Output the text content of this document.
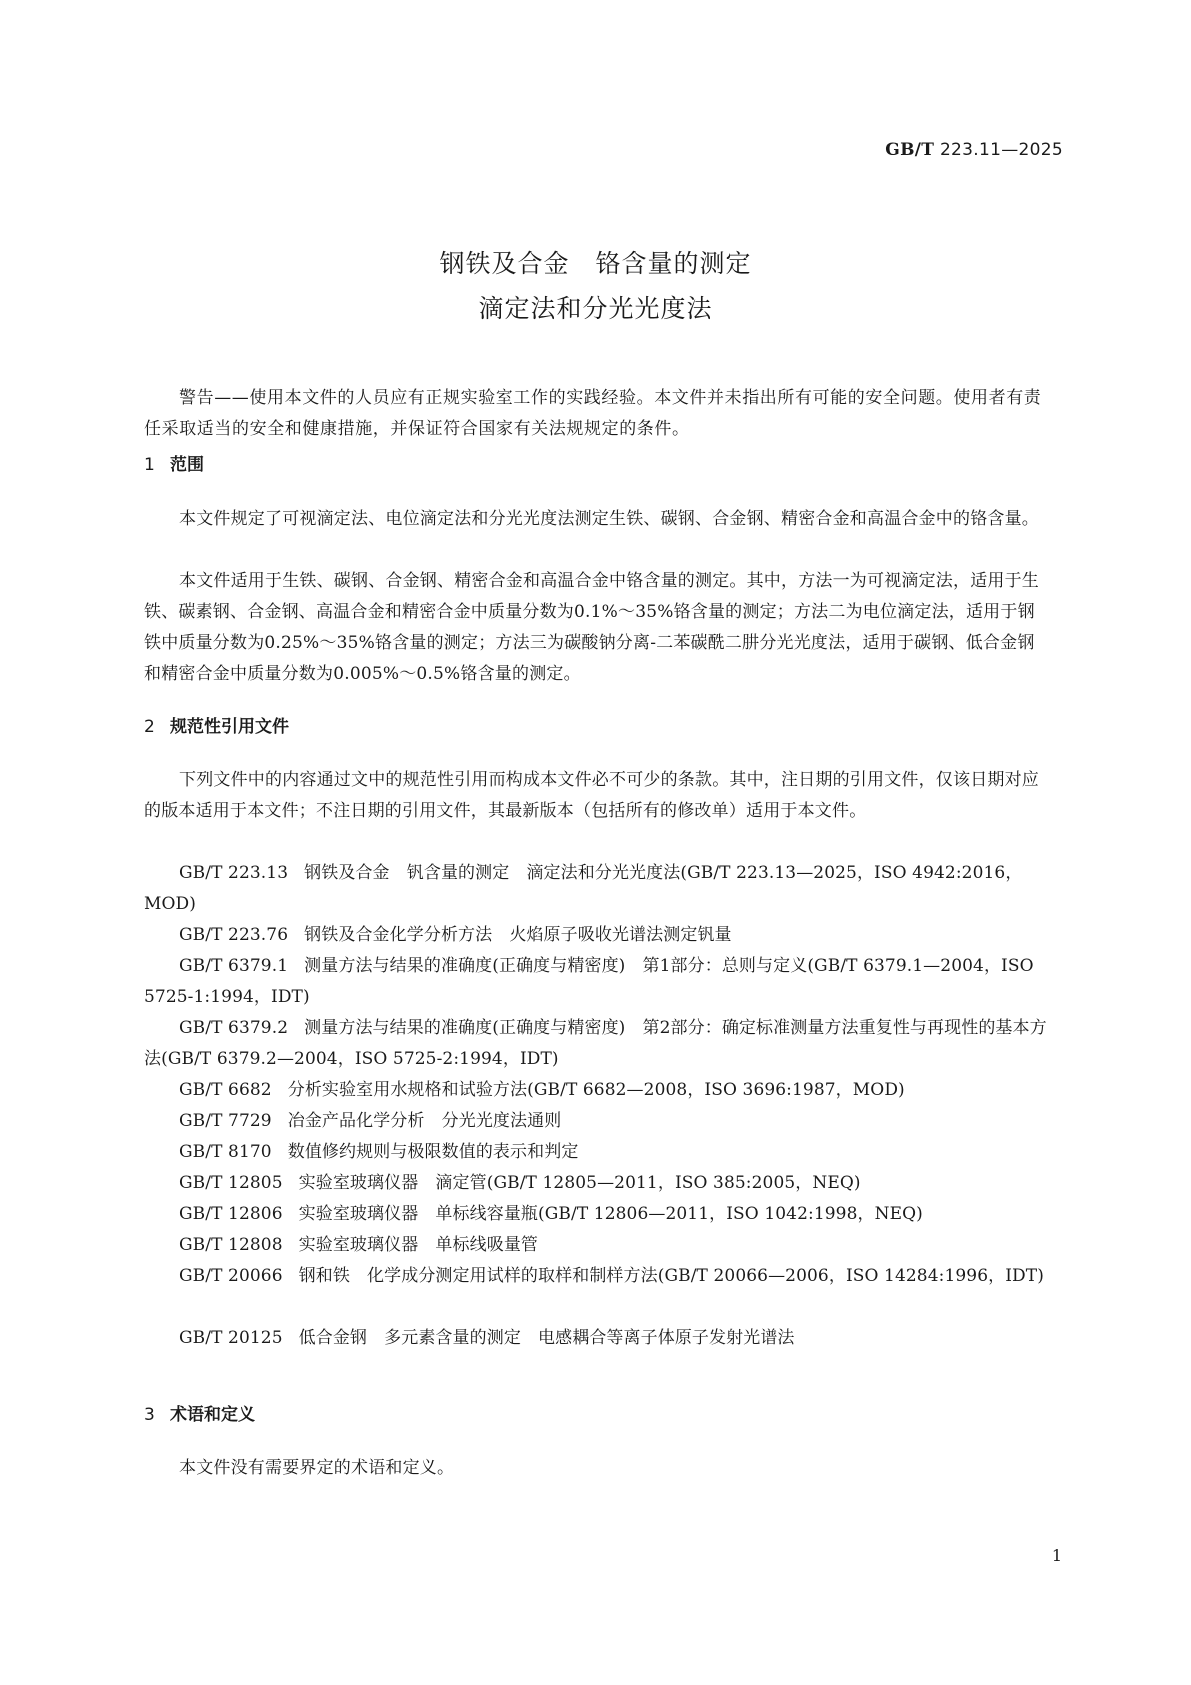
GB/T 223.11—2025
钢铁及合金　铬含量的测定
滴定法和分光光度法
警告——使用本文件的人员应有正规实验室工作的实践经验。本文件并未指出所有可能的安全问题。使用者有责任采取适当的安全和健康措施，并保证符合国家有关法规规定的条件。
1 范围

本文件规定了可视滴定法、电位滴定法和分光光度法测定生铁、碳钢、合金钢、精密合金和高温合金中的铬含量。

本文件适用于生铁、碳钢、合金钢、精密合金和高温合金中铬含量的测定。其中，方法一为可视滴定法，适用于生铁、碳素钢、合金钢、高温合金和精密合金中质量分数为0.1%～35%铬含量的测定；方法二为电位滴定法，适用于钢铁中质量分数为0.25%～35%铬含量的测定；方法三为碳酸钠分离-二苯碳酰二肼分光光度法，适用于碳钢、低合金钢和精密合金中质量分数为0.005%～0.5%铬含量的测定。

2 规范性引用文件

下列文件中的内容通过文中的规范性引用而构成本文件必不可少的条款。其中，注日期的引用文件，仅该日期对应的版本适用于本文件；不注日期的引用文件，其最新版本（包括所有的修改单）适用于本文件。

GB/T 223.13 钢铁及合金　钒含量的测定　滴定法和分光光度法(GB/T 223.13—2025，ISO 4942:2016，MOD)

GB/T 223.76 钢铁及合金化学分析方法　火焰原子吸收光谱法测定钒量

GB/T 6379.1 测量方法与结果的准确度(正确度与精密度)　第1部分：总则与定义(GB/T 6379.1—2004，ISO 5725-1:1994，IDT)

GB/T 6379.2 测量方法与结果的准确度(正确度与精密度)　第2部分：确定标准测量方法重复性与再现性的基本方法(GB/T 6379.2—2004，ISO 5725-2:1994，IDT)

GB/T 6682 分析实验室用水规格和试验方法(GB/T 6682—2008，ISO 3696:1987，MOD)

GB/T 7729 冶金产品化学分析　分光光度法通则

GB/T 8170 数值修约规则与极限数值的表示和判定

GB/T 12805 实验室玻璃仪器　滴定管(GB/T 12805—2011，ISO 385:2005，NEQ)

GB/T 12806 实验室玻璃仪器　单标线容量瓶(GB/T 12806—2011，ISO 1042:1998，NEQ)

GB/T 12808 实验室玻璃仪器　单标线吸量管

GB/T 20066 钢和铁　化学成分测定用试样的取样和制样方法(GB/T 20066—2006，ISO 14284:1996，IDT)

GB/T 20125 低合金钢　多元素含量的测定　电感耦合等离子体原子发射光谱法

3 术语和定义

本文件没有需要界定的术语和定义。

1
